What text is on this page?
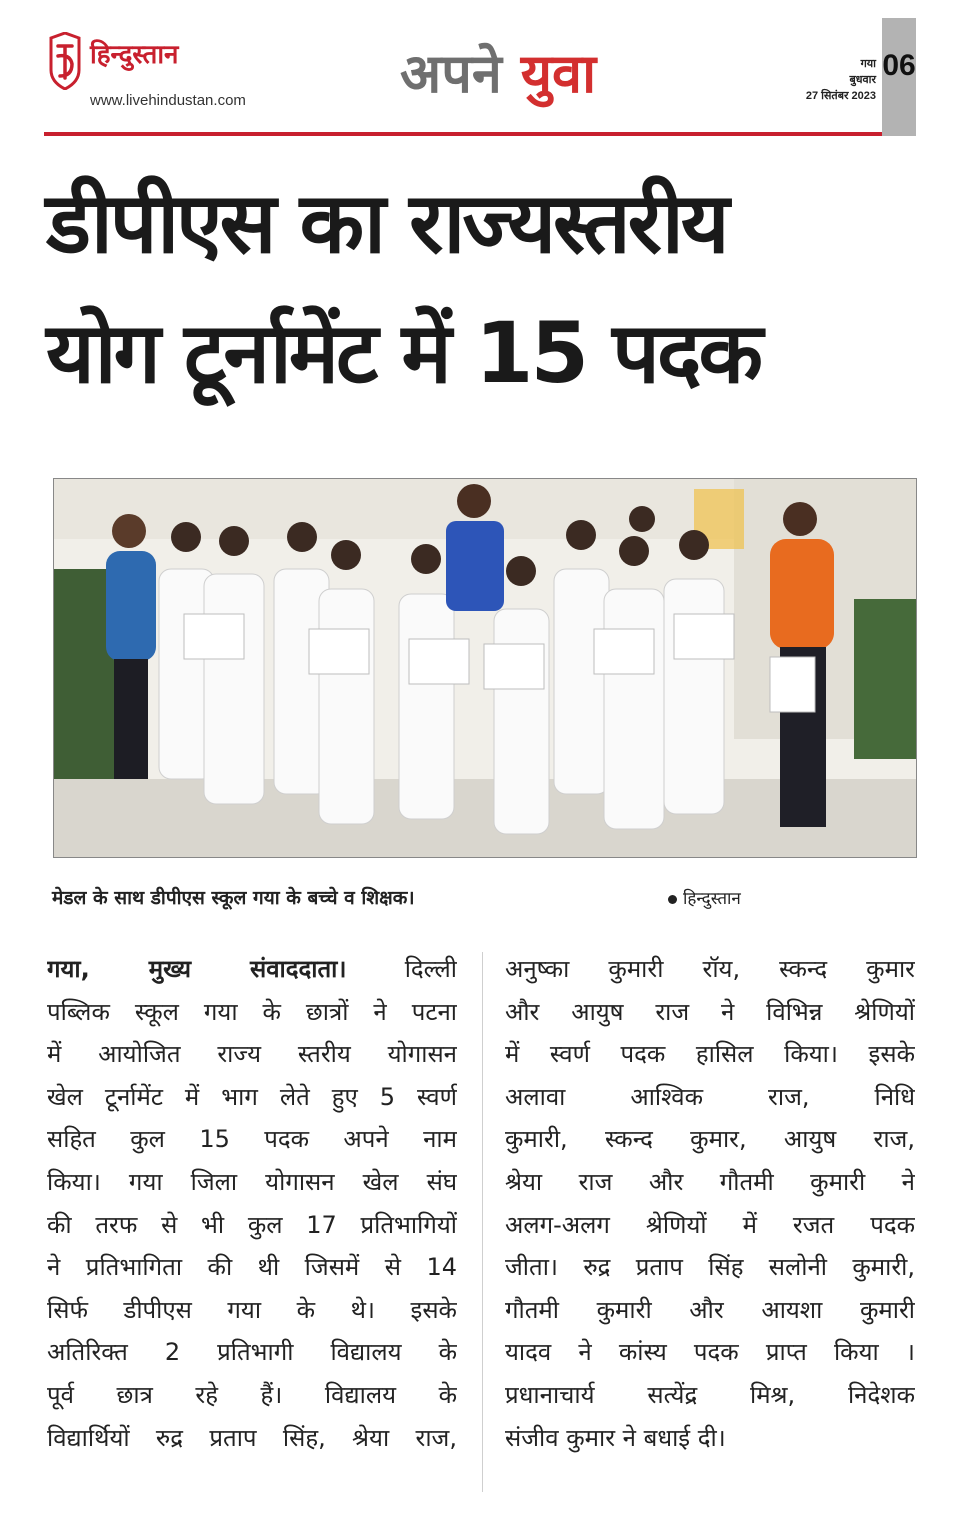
हिन्दुस्तान
www.livehindustan.com	अपने युवा	गया
बुधवार
27 सितंबर 2023
06
डीपीएस का राज्यस्तरीय
योग टूर्नामेंट में 15 पदक
मेडल के साथ डीपीएस स्कूल गया के बच्चे व शिक्षक।	हिन्दुस्तान
गया, मुख्य संवाददाता। दिल्ली
पब्लिक स्कूल गया के छात्रों ने पटना
में आयोजित राज्य स्तरीय योगासन
खेल टूर्नामेंट में भाग लेते हुए 5 स्वर्ण
सहित कुल 15 पदक अपने नाम
किया। गया जिला योगासन खेल संघ
की तरफ से भी कुल 17 प्रतिभागियों
ने प्रतिभागिता की थी जिसमें से 14
सिर्फ डीपीएस गया के थे। इसके
अतिरिक्त 2 प्रतिभागी विद्यालय के
पूर्व छात्र रहे हैं। विद्यालय के
विद्यार्थियों रुद्र प्रताप सिंह, श्रेया राज,
अनुष्का कुमारी रॉय, स्कन्द कुमार
और आयुष राज ने विभिन्न श्रेणियों
में स्वर्ण पदक हासिल किया। इसके
अलावा आश्विक राज, निधि
कुमारी, स्कन्द कुमार, आयुष राज,
श्रेया राज और गौतमी कुमारी ने
अलग-अलग श्रेणियों में रजत पदक
जीता। रुद्र प्रताप सिंह सलोनी कुमारी,
गौतमी कुमारी और आयशा कुमारी
यादव ने कांस्य पदक प्राप्त किया ।
प्रधानाचार्य सत्येंद्र मिश्र, निदेशक
संजीव कुमार ने बधाई दी।
